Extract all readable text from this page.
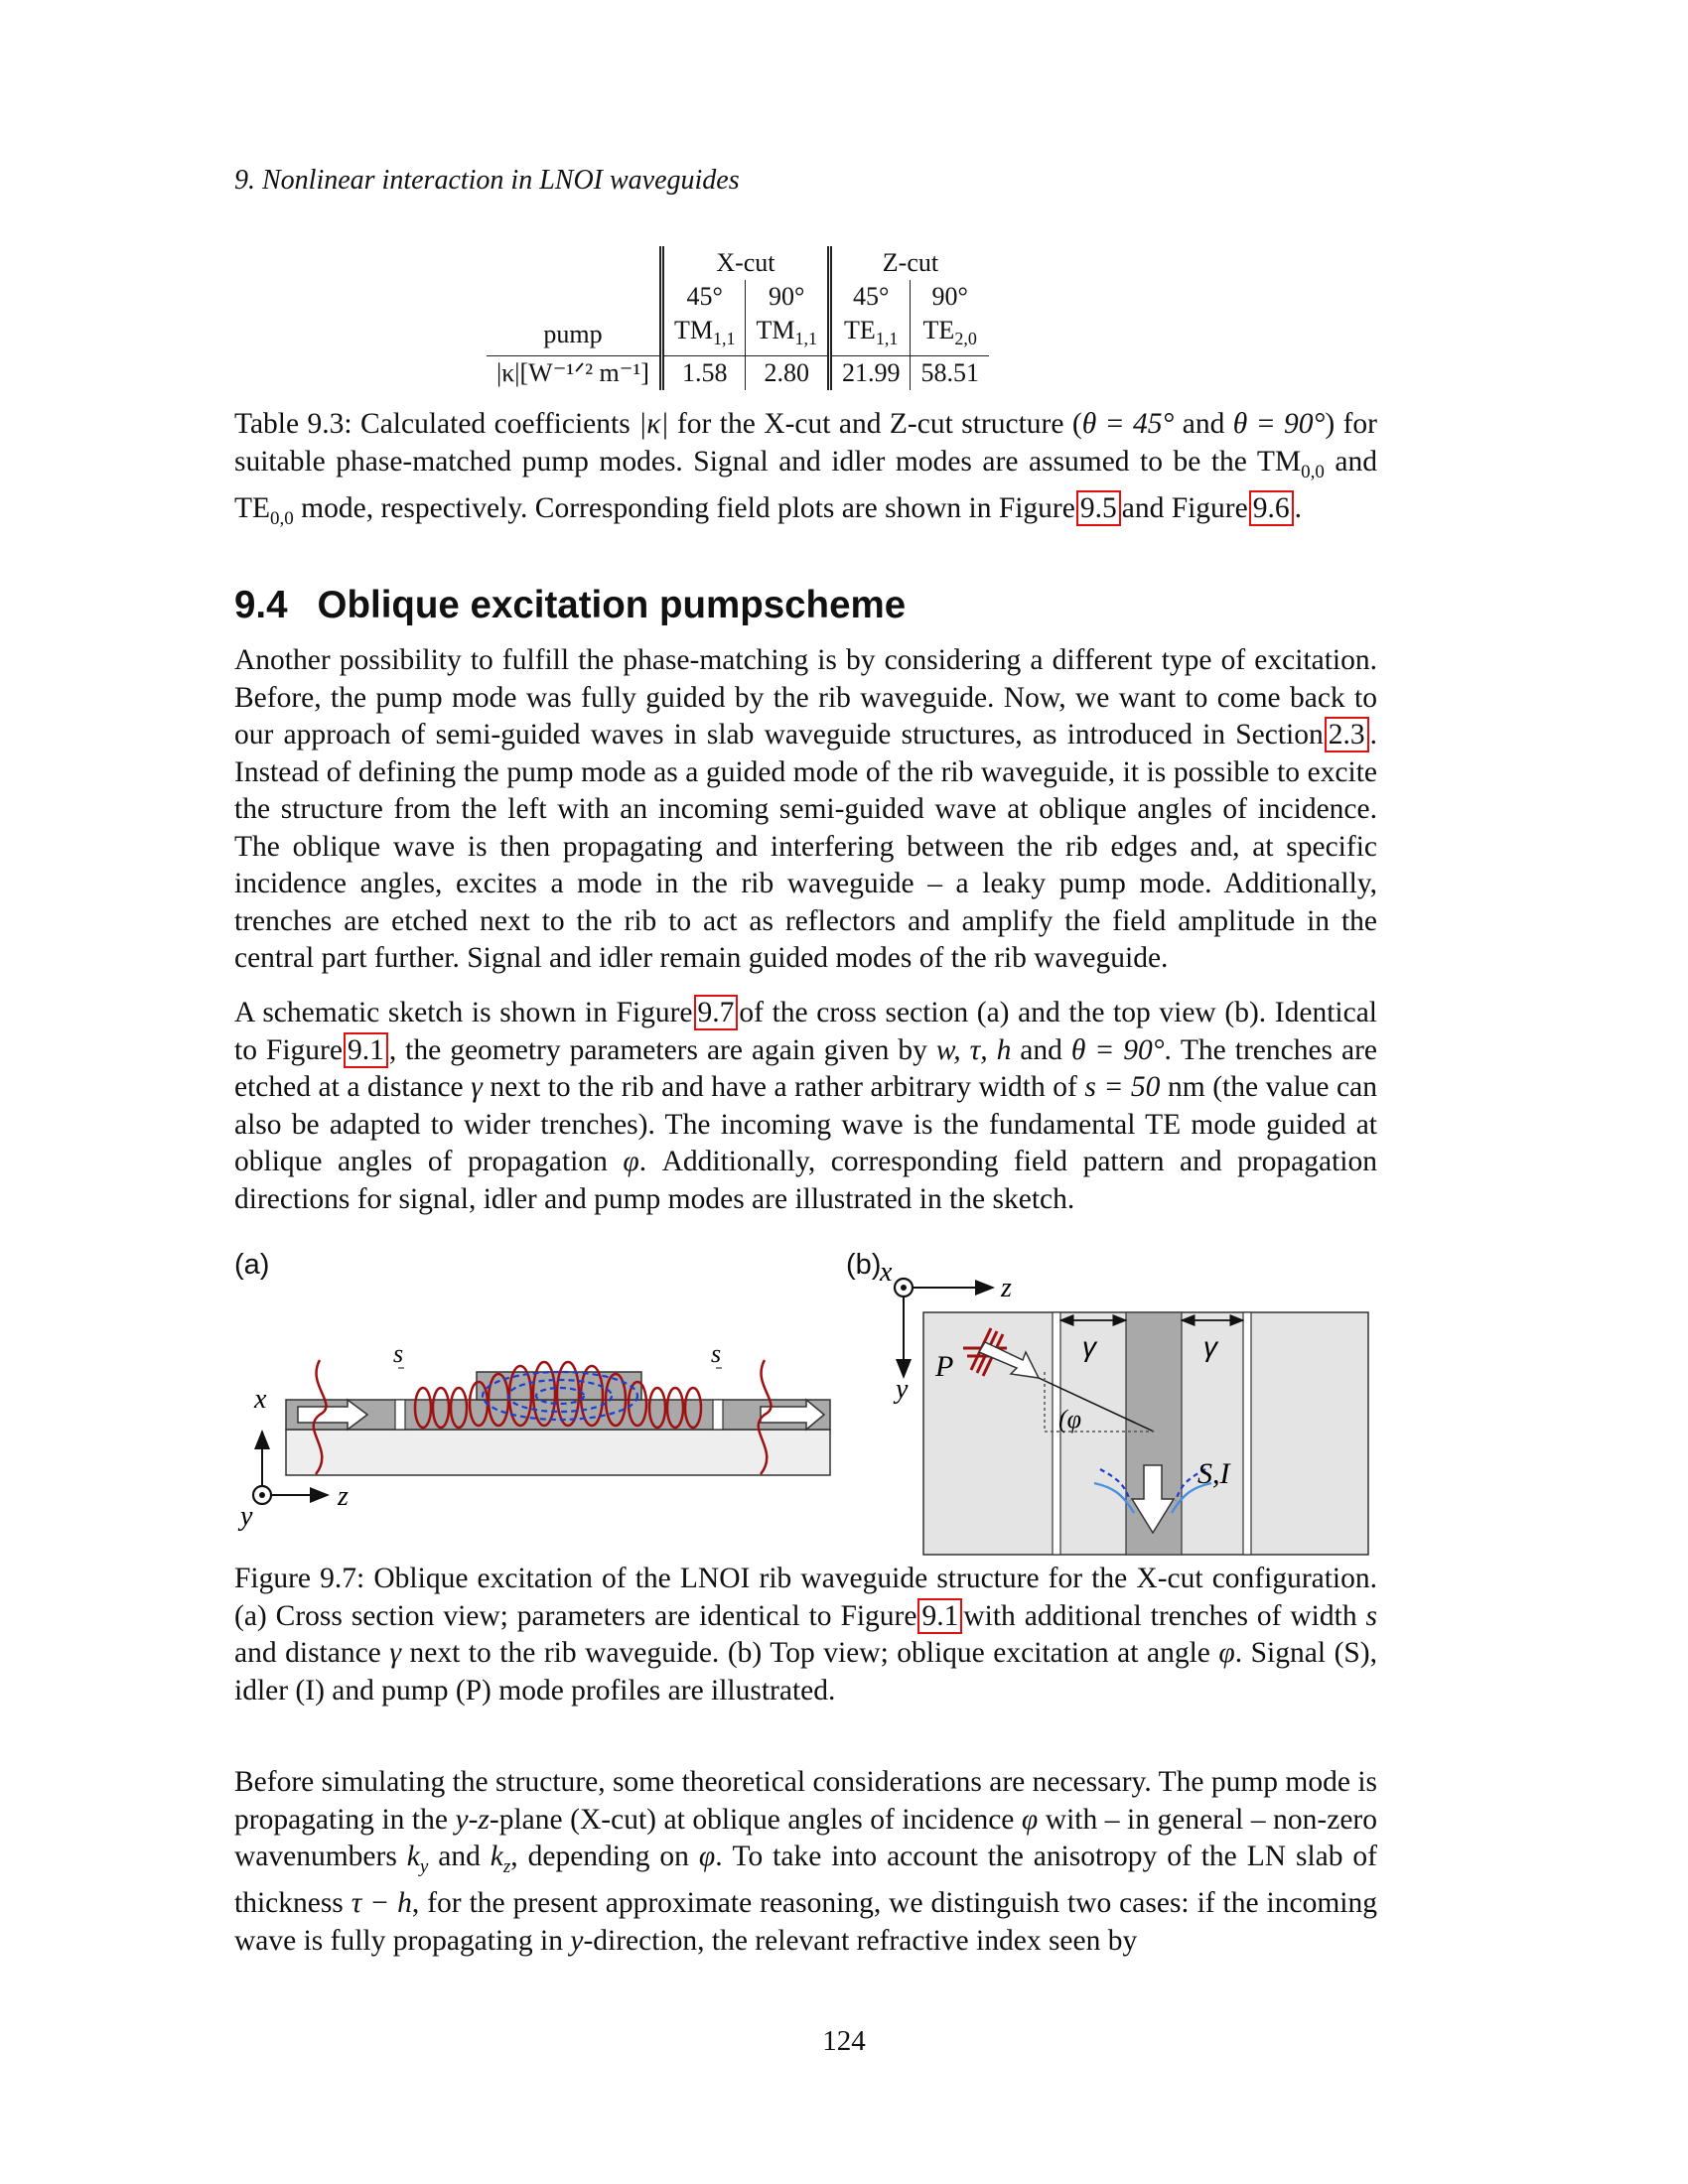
9. Nonlinear interaction in LNOI waveguides
	X-cut		Z-cut	
	45°	90°	45°	90°
pump	$TM_{1,1}$	$TM_{1,1}$	$TE_{1,1}$	$TE_{2,0}$
|κ|[W⁻¹ᐟ² m⁻¹]	1.58	2.80	21.99	58.51

Table 9.3: Calculated coefficients |κ| for the X-cut and Z-cut structure (θ = 45° and θ = 90°) for suitable phase-matched pump modes. Signal and idler modes are assumed to be the $TM_{0,0}$ and $TE_{0,0}$ mode, respectively. Corresponding field plots are shown in Figure 9.5 and Figure 9.6 .

9.4 Oblique excitation pumpscheme

Another possibility to fulfill the phase-matching is by considering a different type of excitation. Before, the pump mode was fully guided by the rib waveguide. Now, we want to come back to our approach of semi-guided waves in slab waveguide structures, as introduced in Section 2.3 . Instead of defining the pump mode as a guided mode of the rib waveguide, it is possible to excite the structure from the left with an incoming semi-guided wave at oblique angles of incidence. The oblique wave is then propagating and interfering between the rib edges and, at specific incidence angles, excites a mode in the rib waveguide – a leaky pump mode. Additionally, trenches are etched next to the rib to act as reflectors and amplify the field amplitude in the central part further. Signal and idler remain guided modes of the rib waveguide.

A schematic sketch is shown in Figure 9.7 of the cross section (a) and the top view (b). Identical to Figure 9.1 , the geometry parameters are again given by w, τ, h and θ = 90°. The trenches are etched at a distance γ next to the rib and have a rather arbitrary width of s = 50 nm (the value can also be adapted to wider trenches). The incoming wave is the fundamental TE mode guided at oblique angles of propagation φ. Additionally, corresponding field pattern and propagation directions for signal, idler and pump modes are illustrated in the sketch.

(a)	(b)
s	s
x
y
z
γ	γ
x
z
y
P
(φ
S,I

Figure 9.7: Oblique excitation of the LNOI rib waveguide structure for the X-cut configuration. (a) Cross section view; parameters are identical to Figure 9.1 with additional trenches of width s and distance γ next to the rib waveguide. (b) Top view; oblique excitation at angle φ. Signal (S), idler (I) and pump (P) mode profiles are illustrated.

Before simulating the structure, some theoretical considerations are necessary. The pump mode is propagating in the y-z-plane (X-cut) at oblique angles of incidence φ with – in general – non-zero wavenumbers $k_y$ and $k_z$, depending on φ. To take into account the anisotropy of the LN slab of thickness τ − h, for the present approximate reasoning, we distinguish two cases: if the incoming wave is fully propagating in y-direction, the relevant refractive index seen by

124
